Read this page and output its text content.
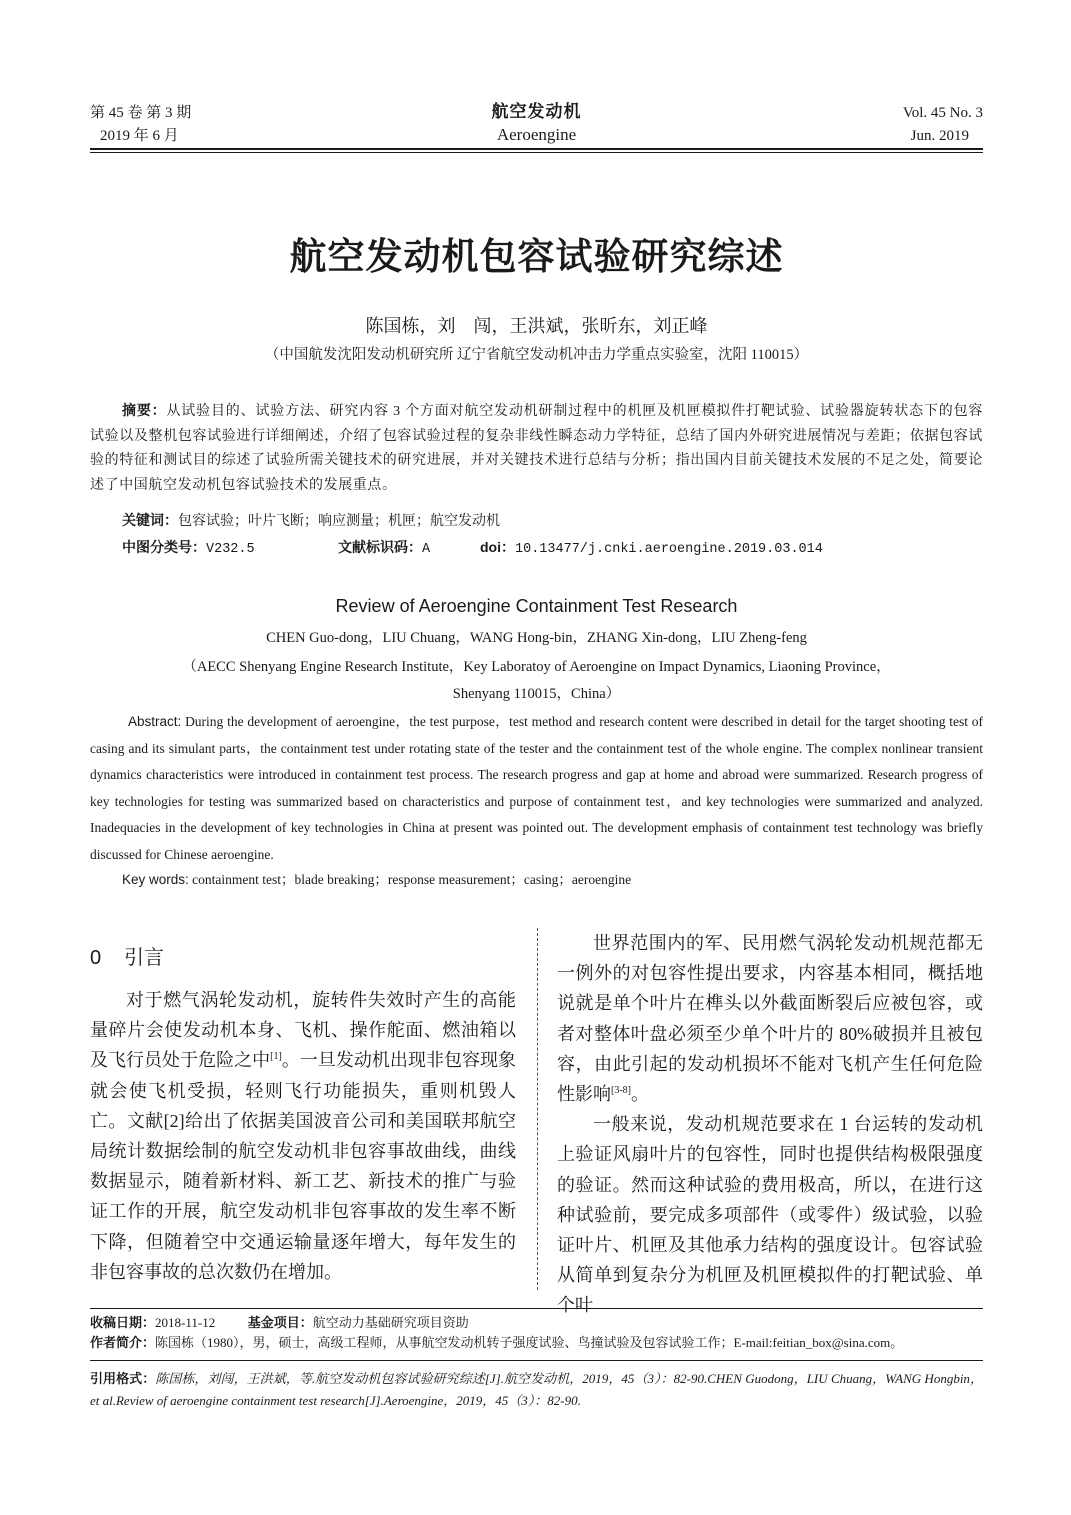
第 45 卷 第 3 期
2019 年 6 月
航空发动机
Aeroengine
Vol. 45 No. 3
Jun. 2019
航空发动机包容试验研究综述
陈国栋，刘　闯，王洪斌，张昕东，刘正峰
（中国航发沈阳发动机研究所 辽宁省航空发动机冲击力学重点实验室，沈阳 110015）

摘要：从试验目的、试验方法、研究内容 3 个方面对航空发动机研制过程中的机匣及机匣模拟件打靶试验、试验器旋转状态下的包容试验以及整机包容试验进行详细阐述，介绍了包容试验过程的复杂非线性瞬态动力学特征，总结了国内外研究进展情况与差距；依据包容试验的特征和测试目的综述了试验所需关键技术的研究进展，并对关键技术进行总结与分析；指出国内目前关键技术发展的不足之处，简要论述了中国航空发动机包容试验技术的发展重点。

关键词：包容试验；叶片飞断；响应测量；机匣；航空发动机
中图分类号：V232.5	文献标识码：A	doi：10.13477/j.cnki.aeroengine.2019.03.014
Review of Aeroengine Containment Test Research
CHEN Guo-dong，LIU Chuang，WANG Hong-bin，ZHANG Xin-dong，LIU Zheng-feng
（AECC Shenyang Engine Research Institute，Key Laboratoy of Aeroengine on Impact Dynamics, Liaoning Province，
Shenyang 110015，China）

Abstract: During the development of aeroengine，the test purpose，test method and research content were described in detail for the target shooting test of casing and its simulant parts，the containment test under rotating state of the tester and the containment test of the whole engine. The complex nonlinear transient dynamics characteristics were introduced in containment test process. The research progress and gap at home and abroad were summarized. Research progress of key technologies for testing was summarized based on characteristics and purpose of containment test，and key technologies were summarized and analyzed. Inadequacies in the development of key technologies in China at present was pointed out. The development emphasis of containment test technology was briefly discussed for Chinese aeroengine.

Key words: containment test；blade breaking；response measurement；casing；aeroengine
0 引言

对于燃气涡轮发动机，旋转件失效时产生的高能量碎片会使发动机本身、飞机、操作舵面、燃油箱以及飞行员处于危险之中[1]。一旦发动机出现非包容现象就会使飞机受损，轻则飞行功能损失，重则机毁人亡。文献[2]给出了依据美国波音公司和美国联邦航空局统计数据绘制的航空发动机非包容事故曲线，曲线数据显示，随着新材料、新工艺、新技术的推广与验证工作的开展，航空发动机非包容事故的发生率不断下降，但随着空中交通运输量逐年增大，每年发生的非包容事故的总次数仍在增加。

世界范围内的军、民用燃气涡轮发动机规范都无一例外的对包容性提出要求，内容基本相同，概括地说就是单个叶片在榫头以外截面断裂后应被包容，或者对整体叶盘必须至少单个叶片的 80%破损并且被包容，由此引起的发动机损坏不能对飞机产生任何危险性影响[3-8]。

一般来说，发动机规范要求在 1 台运转的发动机上验证风扇叶片的包容性，同时也提供结构极限强度的验证。然而这种试验的费用极高，所以，在进行这种试验前，要完成多项部件（或零件）级试验，以验证叶片、机匣及其他承力结构的强度设计。包容试验从简单到复杂分为机匣及机匣模拟件的打靶试验、单个叶

收稿日期：2018-11-12	基金项目：航空动力基础研究项目资助
作者简介：陈国栋（1980），男，硕士，高级工程师，从事航空发动机转子强度试验、鸟撞试验及包容试验工作；E-mail:feitian_box@sina.com。
引用格式：陈国栋，刘闯，王洪斌，等.航空发动机包容试验研究综述[J].航空发动机，2019，45（3）：82-90.CHEN Guodong，LIU Chuang，WANG Hongbin，et al.Review of aeroengine containment test research[J].Aeroengine，2019，45（3）：82-90.
